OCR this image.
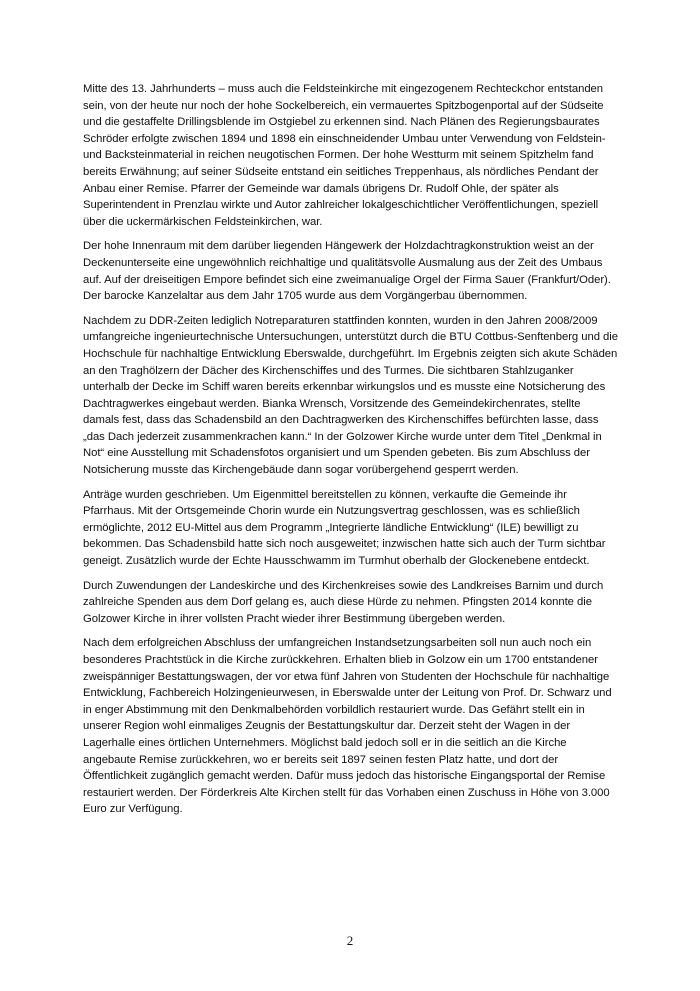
Mitte des 13. Jahrhunderts – muss auch die Feldsteinkirche mit eingezogenem Rechteckchor entstanden sein, von der heute nur noch der hohe Sockelbereich, ein vermauertes Spitzbogenportal auf der Südseite und die gestaffelte Drillingsblende im Ostgiebel zu erkennen sind. Nach Plänen des Regierungsbaurates Schröder erfolgte zwischen 1894 und 1898 ein einschneidender Umbau unter Verwendung von Feldstein- und Backsteinmaterial in reichen neugotischen Formen. Der hohe Westturm mit seinem Spitzhelm fand bereits Erwähnung; auf seiner Südseite entstand ein seitliches Treppenhaus, als nördliches Pendant der Anbau einer Remise. Pfarrer der Gemeinde war damals übrigens Dr. Rudolf Ohle, der später als Superintendent in Prenzlau wirkte und Autor zahlreicher lokalgeschichtlicher Veröffentlichungen, speziell über die uckermärkischen Feldsteinkirchen, war.

Der hohe Innenraum mit dem darüber liegenden Hängewerk der Holzdachtragkonstruktion weist an der Deckenunterseite eine ungewöhnlich reichhaltige und qualitätsvolle Ausmalung aus der Zeit des Umbaus auf. Auf der dreiseitigen Empore befindet sich eine zweimanualige Orgel der Firma Sauer (Frankfurt/Oder). Der barocke Kanzelaltar aus dem Jahr 1705 wurde aus dem Vorgängerbau übernommen.

Nachdem zu DDR-Zeiten lediglich Notreparaturen stattfinden konnten, wurden in den Jahren 2008/2009 umfangreiche ingenieurtechnische Untersuchungen, unterstützt durch die BTU Cottbus-Senftenberg und die Hochschule für nachhaltige Entwicklung Eberswalde, durchgeführt. Im Ergebnis zeigten sich akute Schäden an den Traghölzern der Dächer des Kirchenschiffes und des Turmes. Die sichtbaren Stahlzuganker unterhalb der Decke im Schiff waren bereits erkennbar wirkungslos und es musste eine Notsicherung des Dachtragwerkes eingebaut werden. Bianka Wrensch, Vorsitzende des Gemeindekirchenrates, stellte damals fest, dass das Schadensbild an den Dachtragwerken des Kirchenschiffes befürchten lasse, dass „das Dach jederzeit zusammenkrachen kann.“ In der Golzower Kirche wurde unter dem Titel „Denkmal in Not“ eine Ausstellung mit Schadensfotos organisiert und um Spenden gebeten. Bis zum Abschluss der Notsicherung musste das Kirchengebäude dann sogar vorübergehend gesperrt werden.

Anträge wurden geschrieben. Um Eigenmittel bereitstellen zu können, verkaufte die Gemeinde ihr Pfarrhaus. Mit der Ortsgemeinde Chorin wurde ein Nutzungsvertrag geschlossen, was es schließlich ermöglichte, 2012 EU-Mittel aus dem Programm „Integrierte ländliche Entwicklung“ (ILE) bewilligt zu bekommen. Das Schadensbild hatte sich noch ausgeweitet; inzwischen hatte sich auch der Turm sichtbar geneigt. Zusätzlich wurde der Echte Hausschwamm im Turmhut oberhalb der Glockenebene entdeckt.

Durch Zuwendungen der Landeskirche und des Kirchenkreises sowie des Landkreises Barnim und durch zahlreiche Spenden aus dem Dorf gelang es, auch diese Hürde zu nehmen. Pfingsten 2014 konnte die Golzower Kirche in ihrer vollsten Pracht wieder ihrer Bestimmung übergeben werden.

Nach dem erfolgreichen Abschluss der umfangreichen Instandsetzungsarbeiten soll nun auch noch ein besonderes Prachtstück in die Kirche zurückkehren. Erhalten blieb in Golzow ein um 1700 entstandener zweispänniger Bestattungswagen, der vor etwa fünf Jahren von Studenten der Hochschule für nachhaltige Entwicklung, Fachbereich Holzingenieurwesen, in Eberswalde unter der Leitung von Prof. Dr. Schwarz und in enger Abstimmung mit den Denkmalbehörden vorbildlich restauriert wurde. Das Gefährt stellt ein in unserer Region wohl einmaliges Zeugnis der Bestattungskultur dar. Derzeit steht der Wagen in der Lagerhalle eines örtlichen Unternehmers. Möglichst bald jedoch soll er in die seitlich an die Kirche angebaute Remise zurückkehren, wo er bereits seit 1897 seinen festen Platz hatte, und dort der Öffentlichkeit zugänglich gemacht werden. Dafür muss jedoch das historische Eingangsportal der Remise restauriert werden. Der Förderkreis Alte Kirchen stellt für das Vorhaben einen Zuschuss in Höhe von 3.000 Euro zur Verfügung.

2
